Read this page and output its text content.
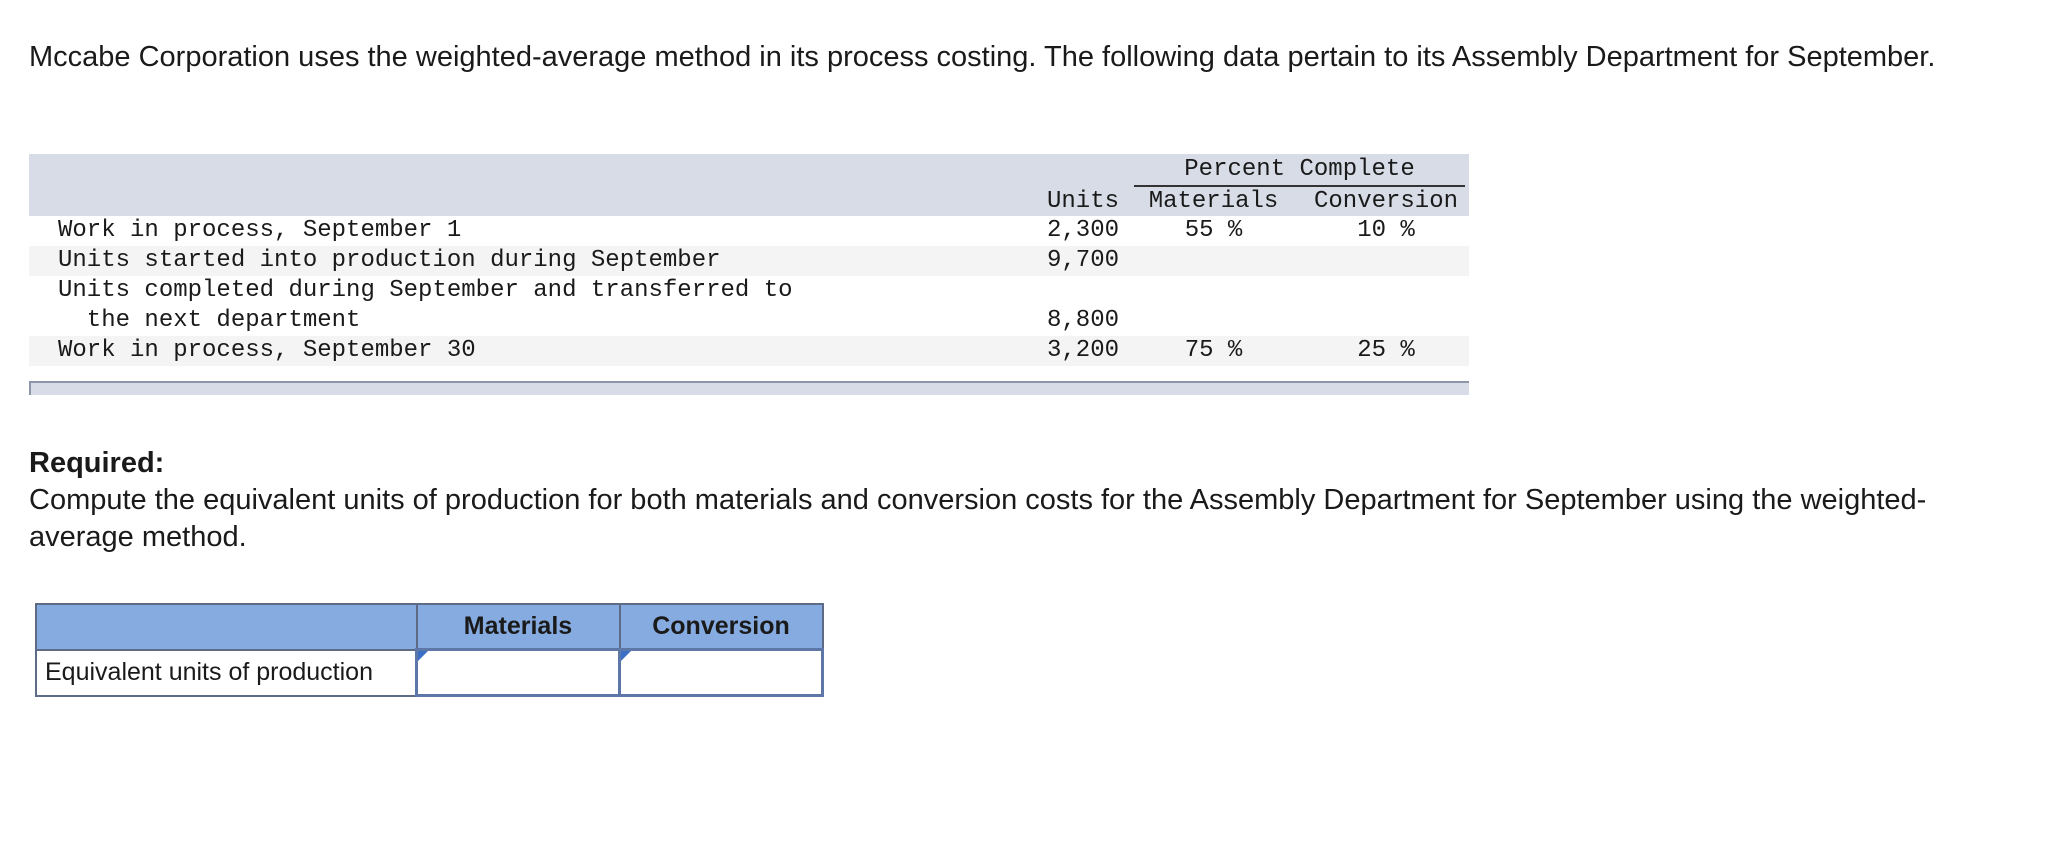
Mccabe Corporation uses the weighted-average method in its process costing. The following data pertain to its Assembly Department for September.

Percent Complete
Units	Materials	Conversion
Work in process, September 1	2,300	55 %	10 %
Units started into production during September	9,700
Units completed during September and transferred to
the next department	8,800
Work in process, September 30	3,200	75 %	25 %
Required:
Compute the equivalent units of production for both materials and conversion costs for the Assembly Department for September using the weighted-average method.
	Materials	Conversion
Equivalent units of production	
